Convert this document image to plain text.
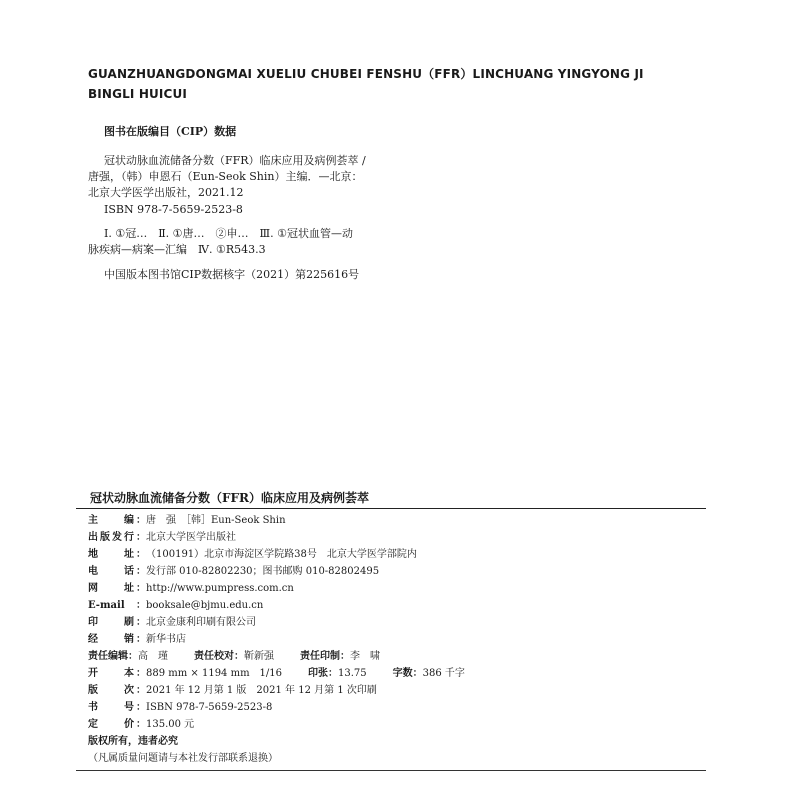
GUANZHUANGDONGMAI XUELIU CHUBEI FENSHU（FFR）LINCHUANG YINGYONG JI
BINGLI HUICUI
图书在版编目（CIP）数据
冠状动脉血流储备分数（FFR）临床应用及病例荟萃 /
唐强，（韩）申恩石（Eun-Seok Shin）主编．—北京：
北京大学医学出版社，2021.12
ISBN 978-7-5659-2523-8
Ⅰ. ①冠…　Ⅱ. ①唐…　②申…　Ⅲ. ①冠状血管—动
脉疾病—病案—汇编　Ⅳ. ①R543.3
中国版本图书馆CIP数据核字（2021）第225616号
冠状动脉血流储备分数（FFR）临床应用及病例荟萃
主　　编：唐　强　［韩］Eun-Seok Shin
出版发行：北京大学医学出版社
地　　址：（100191）北京市海淀区学院路38号　北京大学医学部院内
电　　话：发行部 010-82802230；图书邮购 010-82802495
网　　址：http://www.pumpress.com.cn
E-mail：booksale@bjmu.edu.cn
印　　刷：北京金康利印刷有限公司
经　　销：新华书店
责任编辑：高　瑾	责任校对：靳新强	责任印制：李　啸
开　　本：889 mm × 1194 mm　1/16	印张：13.75	字数：386 千字
版　　次：2021 年 12 月第 1 版　2021 年 12 月第 1 次印刷
书　　号：ISBN 978-7-5659-2523-8
定　　价：135.00 元
版权所有，违者必究
（凡属质量问题请与本社发行部联系退换）
